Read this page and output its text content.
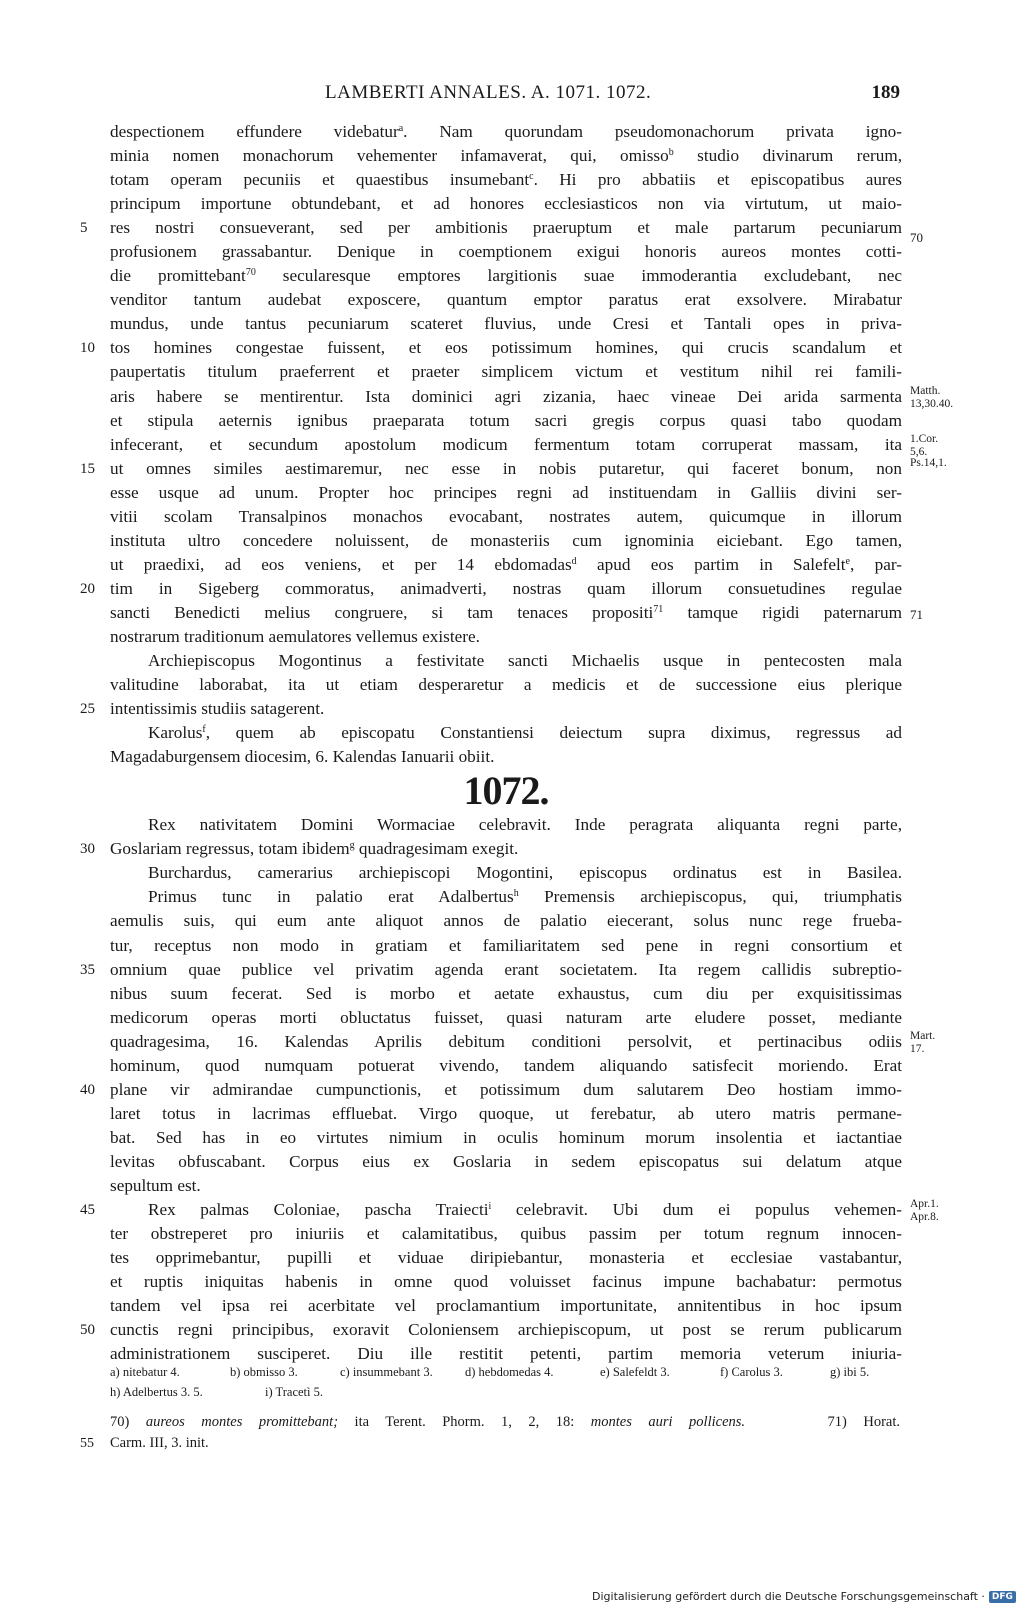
LAMBERTI ANNALES. A. 1071. 1072.	189
despectionem effundere videbatur$^a$. Nam quorundam pseudomonachorum privata igno-
minia nomen monachorum vehementer infamaverat, qui, omisso$^b$ studio divinarum rerum,
totam operam pecuniis et quaestibus insumebant$^c$. Hi pro abbatiis et episcopatibus aures
principum importune obtundebant, et ad honores ecclesiasticos non via virtutum, ut maio-
res nostri consueverant, sed per ambitionis praeruptum et male partarum pecuniarum
5
profusionem grassabantur. Denique in coemptionem exigui honoris aureos montes cotti-
70
die promittebant$^{70}$ secularesque emptores largitionis suae immoderantia excludebant, nec
venditor tantum audebat exposcere, quantum emptor paratus erat exsolvere. Mirabatur
mundus, unde tantus pecuniarum scateret fluvius, unde Cresi et Tantali opes in priva-
tos homines congestae fuissent, et eos potissimum homines, qui crucis scandalum et
10
paupertatis titulum praeferrent et praeter simplicem victum et vestitum nihil rei famili-
aris habere se mentirentur. Ista dominici agri zizania, haec vineae Dei arida sarmenta Matth.
13,30.40.
et stipula aeternis ignibus praeparata totum sacri gregis corpus quasi tabo quodam
infecerant, et secundum apostolum modicum fermentum totam corruperat massam, ita 1.Cor.
5,6.
ut omnes similes aestimaremur, nec esse in nobis putaretur, qui faceret bonum, non
15	Ps.14,1.
esse usque ad unum. Propter hoc principes regni ad instituendam in Galliis divini ser-
vitii scolam Transalpinos monachos evocabant, nostrates autem, quicumque in illorum
instituta ultro concedere noluissent, de monasteriis cum ignominia eiciebant. Ego tamen,
ut praedixi, ad eos veniens, et per 14 ebdomadas$^d$ apud eos partim in Salefelt$^e$, par-
tim in Sigeberg commoratus, animadverti, nostras quam illorum consuetudines regulae
20
sancti Benedicti melius congruere, si tam tenaces propositi$^{71}$ tamque rigidi paternarum 71
nostrarum traditionum aemulatores vellemus existere.
Archiepiscopus Mogontinus a festivitate sancti Michaelis usque in pentecosten mala
valitudine laborabat, ita ut etiam desperaretur a medicis et de successione eius plerique
intentissimis studiis satagerent.
25
Karolus$^f$, quem ab episcopatu Constantiensi deiectum supra diximus, regressus ad
Magadaburgensem diocesim, 6. Kalendas Ianuarii obiit.
1072.
Rex nativitatem Domini Wormaciae celebravit. Inde peragrata aliquanta regni parte,
Goslariam regressus, totam ibidem$^g$ quadragesimam exegit.
30
Burchardus, camerarius archiepiscopi Mogontini, episcopus ordinatus est in Basilea.
Primus tunc in palatio erat Adalbertus$^h$ Premensis archiepiscopus, qui, triumphatis
aemulis suis, qui eum ante aliquot annos de palatio eiecerant, solus nunc rege frueba-
tur, receptus non modo in gratiam et familiaritatem sed pene in regni consortium et
omnium quae publice vel privatim agenda erant societatem. Ita regem callidis subreptio-
35
nibus suum fecerat. Sed is morbo et aetate exhaustus, cum diu per exquisitissimas
medicorum operas morti obluctatus fuisset, quasi naturam arte eludere posset, mediante
quadragesima, 16. Kalendas Aprilis debitum conditioni persolvit, et pertinacibus odiis Mart.
17.
hominum, quod numquam potuerat vivendo, tandem aliquando satisfecit moriendo. Erat
plane vir admirandae cumpunctionis, et potissimum dum salutarem Deo hostiam immo-
40
laret totus in lacrimas effluebat. Virgo quoque, ut ferebatur, ab utero matris permane-
bat. Sed has in eo virtutes nimium in oculis hominum morum insolentia et iactantiae
levitas obfuscabant. Corpus eius ex Goslaria in sedem episcopatus sui delatum atque
sepultum est.
Rex palmas Coloniae, pascha Traiecti$^i$ celebravit. Ubi dum ei populus vehemen-
45	Apr.1.
Apr.8.
ter obstreperet pro iniuriis et calamitatibus, quibus passim per totum regnum innocen-
tes opprimebantur, pupilli et viduae diripiebantur, monasteria et ecclesiae vastabantur,
et ruptis iniquitas habenis in omne quod voluisset facinus impune bachabatur: permotus
tandem vel ipsa rei acerbitate vel proclamantium importunitate, annitentibus in hoc ipsum
cunctis regni principibus, exoravit Coloniensem archiepiscopum, ut post se rerum publicarum
50
administrationem susciperet. Diu ille restitit petenti, partim memoria veterum iniuria-
a) nitebatur 4.	b) obmisso 3.	c) insummebant 3.	d) hebdomedas 4.	e) Salefeldt 3.	f) Carolus 3.	g) ibi 5.
h) Adelbertus 3. 5.	i) Tracetì 5.
70) aureos montes promittebant; ita Terent. Phorm. 1, 2, 18: montes auri pollicens.     71) Horat.
Carm. III, 3. init.
55
Digitalisierung gefördert durch die Deutsche Forschungsgemeinschaft · DFG
